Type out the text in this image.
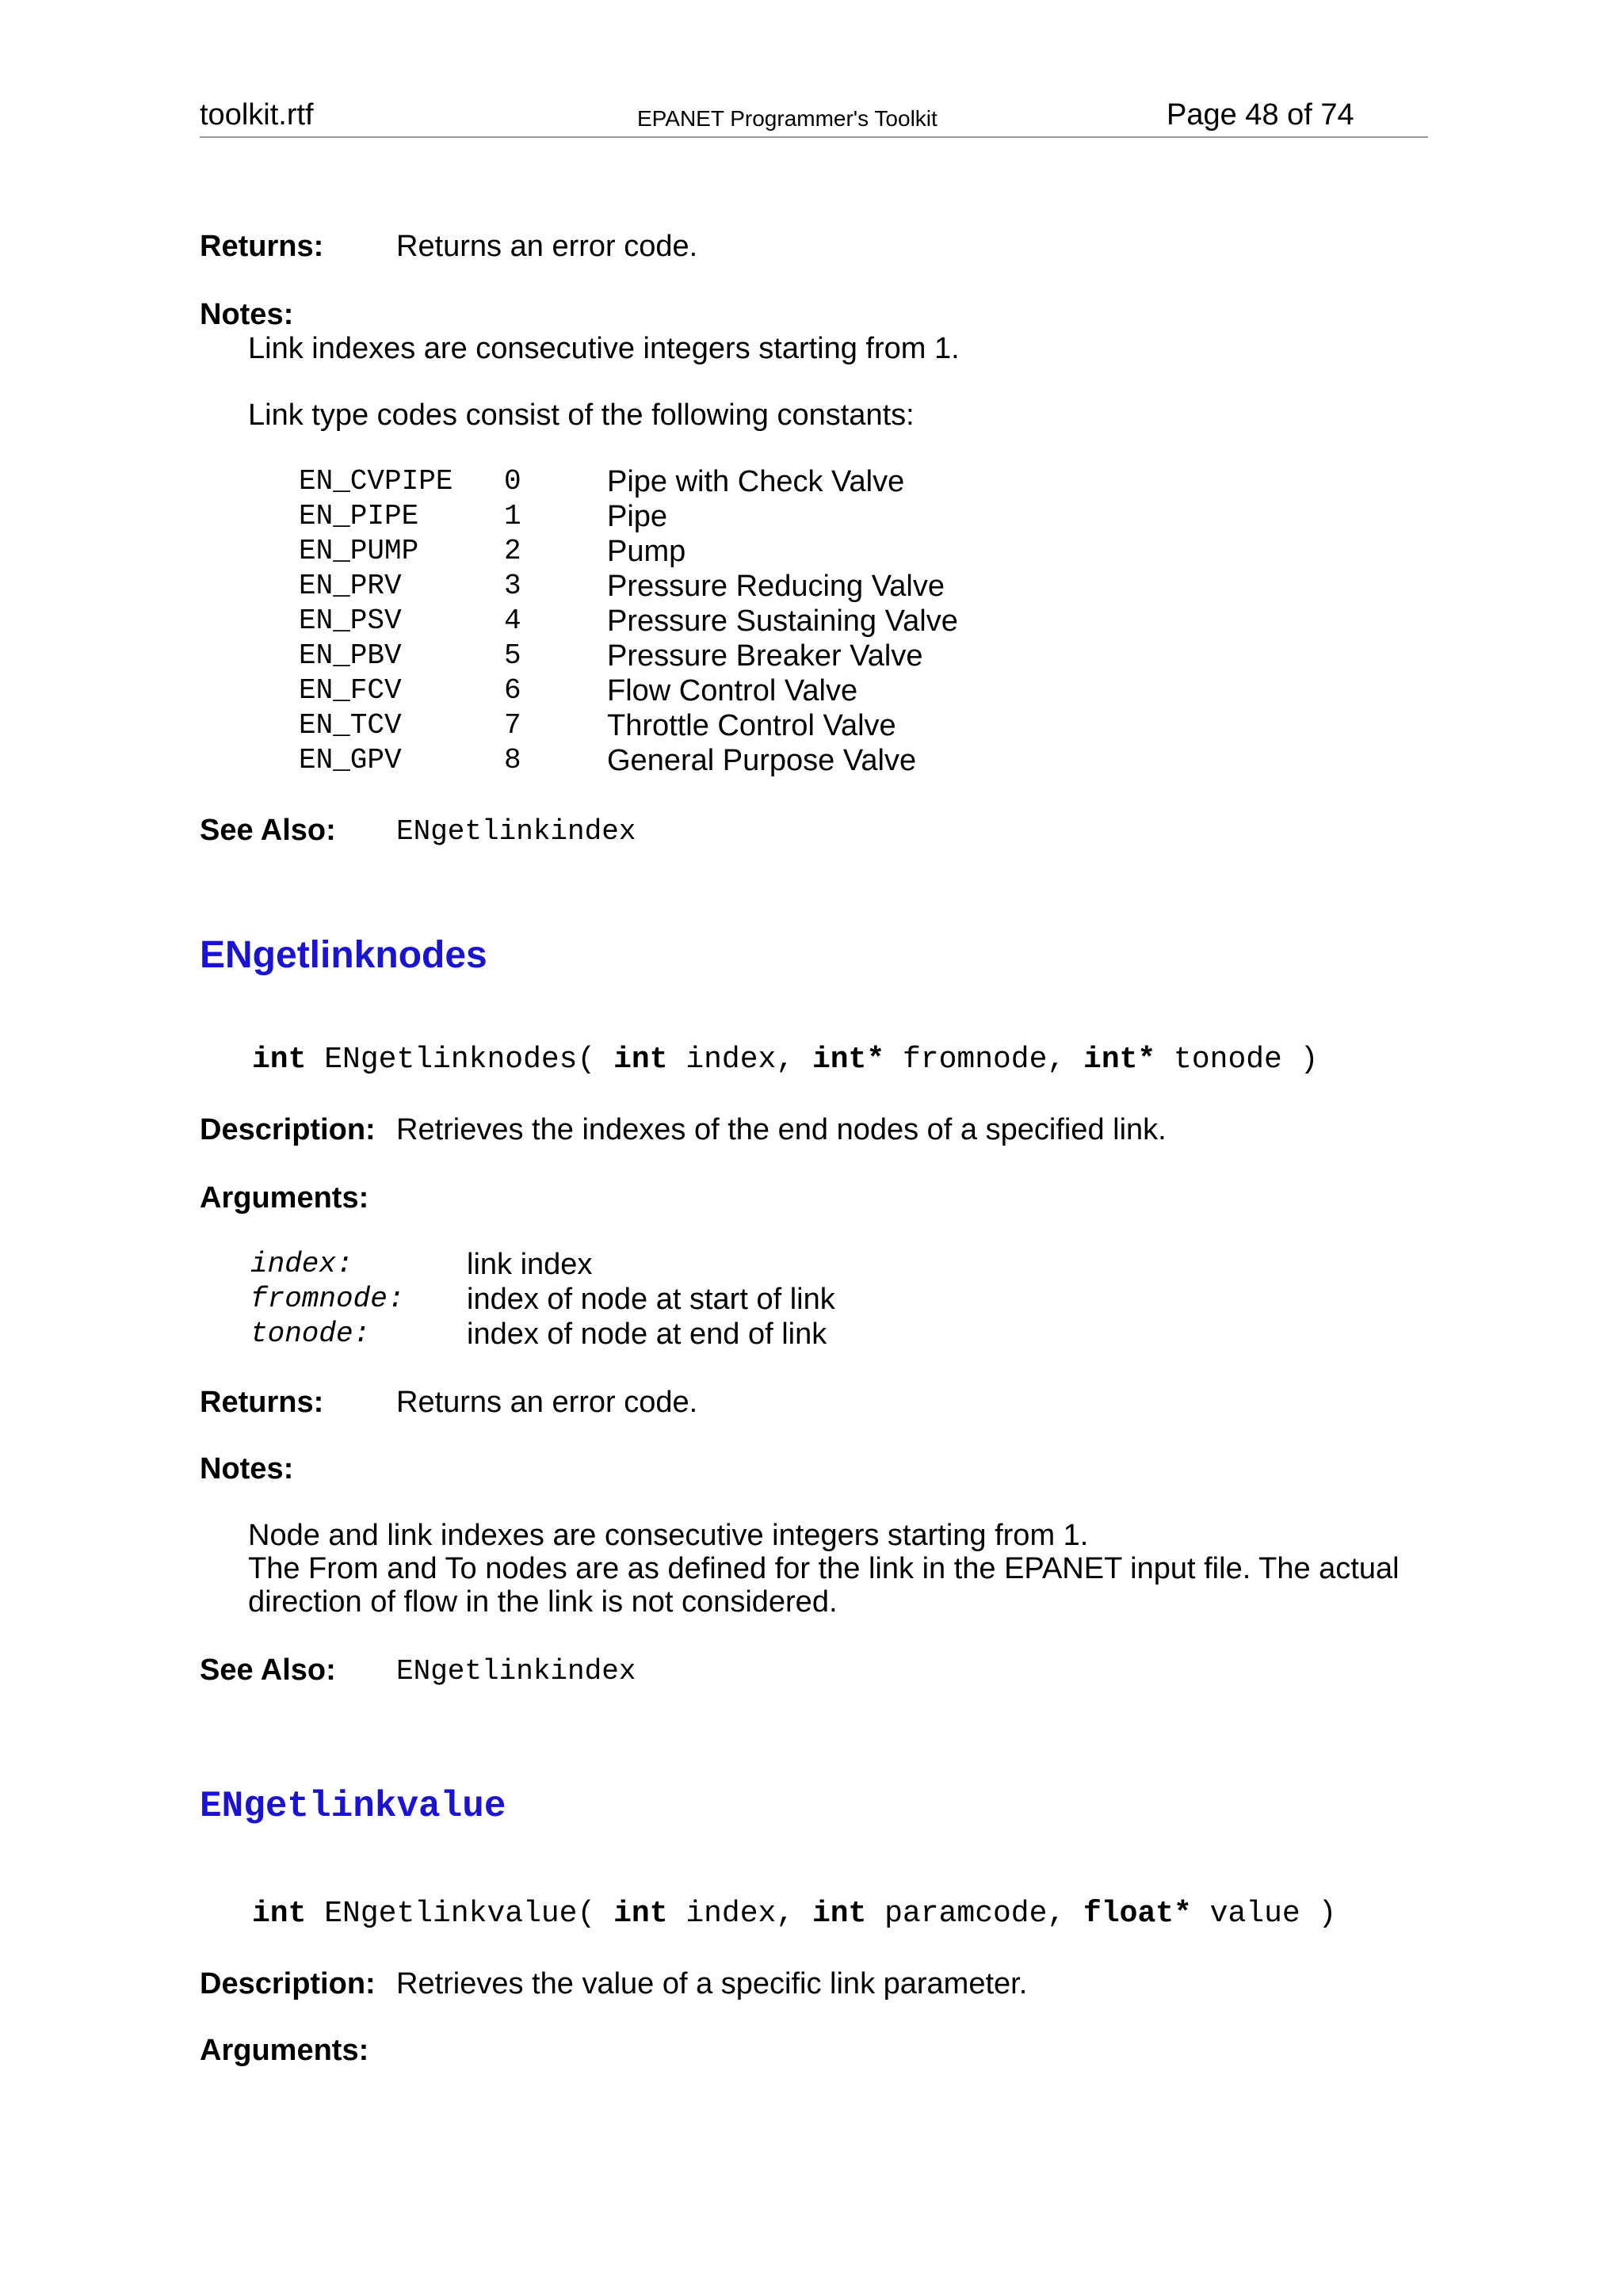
toolkit.rtf	EPANET Programmer's Toolkit	Page 48 of 74
Returns: Returns an error code.
Notes:
Link indexes are consecutive integers starting from 1.
Link type codes consist of the following constants:
EN_CVPIPE 0	Pipe with Check Valve
EN_PIPE	1	Pipe
EN_PUMP	2	Pump
EN_PRV	3	Pressure Reducing Valve
EN_PSV	4	Pressure Sustaining Valve
EN_PBV	5	Pressure Breaker Valve
EN_FCV	6	Flow Control Valve
EN_TCV	7	Throttle Control Valve
EN_GPV	8	General Purpose Valve
See Also: ENgetlinkindex
ENgetlinknodes
int ENgetlinknodes( int index, int* fromnode, int* tonode )
Description: Retrieves the indexes of the end nodes of a specified link.
Arguments:
index:	link index
fromnode: index of node at start of link
tonode:	index of node at end of link
Returns: Returns an error code.
Notes:
Node and link indexes are consecutive integers starting from 1.
The From and To nodes are as defined for the link in the EPANET input file. The actual
direction of flow in the link is not considered.
See Also: ENgetlinkindex
ENgetlinkvalue
int ENgetlinkvalue( int index, int paramcode, float* value )
Description: Retrieves the value of a specific link parameter.
Arguments:
